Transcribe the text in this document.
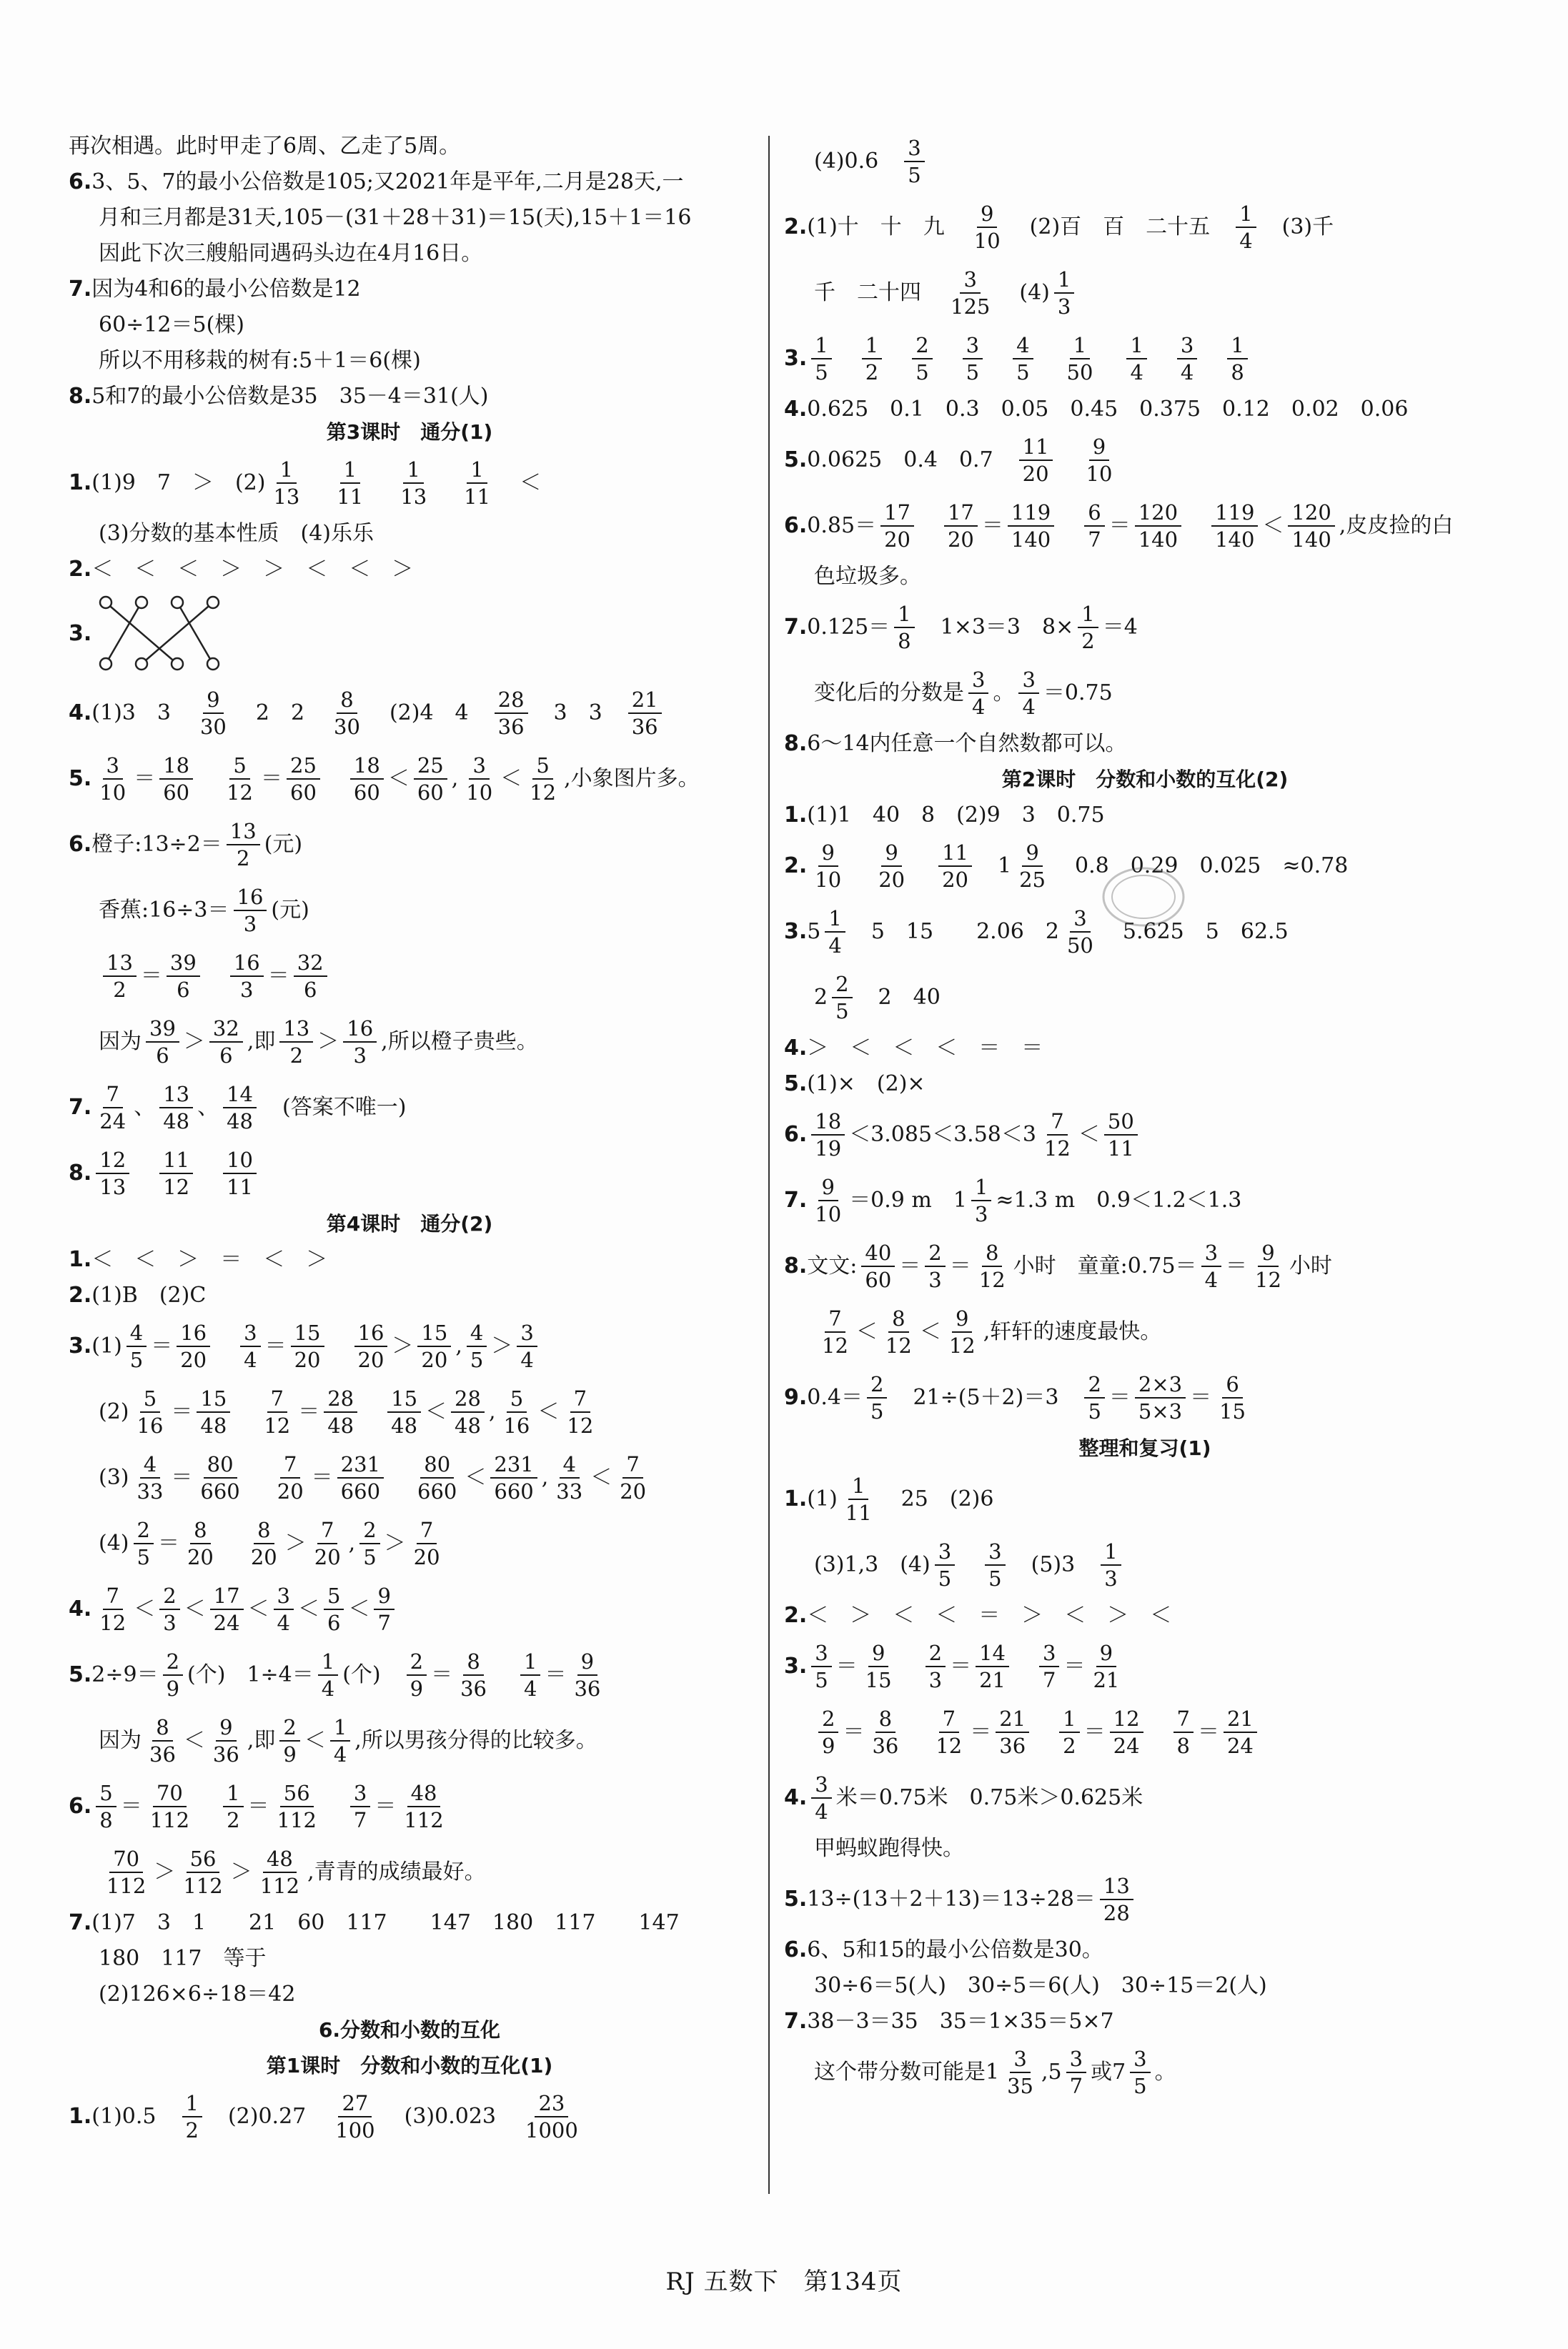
再次相遇。此时甲走了6周、乙走了5周。
6. 3、5、7的最小公倍数是105;又2021年是平年,二月是28天,一
月和三月都是31天,105－(31＋28＋31)＝15(天),15＋1＝16
因此下次三艘船同遇码头边在4月16日。
7. 因为4和6的最小公倍数是12
60÷12＝5(棵)
所以不用移栽的树有:5＋1＝6(棵)
8. 5和7的最小公倍数是35　35－4＝31(人)
第3课时　通分(1)
1. (1)9　7　＞　$(2) \frac{1}{13}$
　 $\frac{1}{11}$
　 $\frac{1}{13}$
　 $\frac{1}{11}$ 　＜
(3)分数的基本性质　(4)乐乐
2. ＜　＜　＜　＞　＞　＜　＜　＞
3.
4. (1)3　3　 $\frac{9}{30}$ 　2　2　 $\frac{8}{30}$ 　(2)4　4　 $\frac{28}{36}$ 　3　3　 $\frac{21}{36}$
5. $\frac{3}{10} = \frac{18}{60}$
　 $\frac{5}{12} = \frac{25}{60}$
　 $\frac{18}{60} < \frac{25}{60}$ , $\frac{3}{10} < \frac{5}{12}$ ,小象图片多。
6. 橙子:13÷2＝ $\frac{13}{2}$ (元)
香蕉:16÷3＝ $\frac{16}{3}$ (元)
$\frac{13}{2} = \frac{39}{6}$
　 $\frac{16}{3} = \frac{32}{6}$
因为 $\frac{39}{6} > \frac{32}{6}$ ,即 $\frac{13}{2} > \frac{16}{3}$ ,所以橙子贵些。
7. $\frac{7}{24}$ 、 $\frac{13}{48}$ 、 $\frac{14}{48}$ 　(答案不唯一)
8. $\frac{12}{13}$
　 $\frac{11}{12}$
　 $\frac{10}{11}$
第4课时　通分(2)
1. ＜　＜　＞　＝　＜　＞
2. (1)B　(2)C
3. $(1) \frac{4}{5} = \frac{16}{20}$
　 $\frac{3}{4} = \frac{15}{20}$
　 $\frac{16}{20} > \frac{15}{20}$ , $\frac{4}{5} > \frac{3}{4}$
$(2) \frac{5}{16} = \frac{15}{48}$
　 $\frac{7}{12} = \frac{28}{48}$
　 $\frac{15}{48} < \frac{28}{48}$ , $\frac{5}{16} < \frac{7}{12}$
$(3) \frac{4}{33} = \frac{80}{660}$
　 $\frac{7}{20} = \frac{231}{660}$
　 $\frac{80}{660} < \frac{231}{660}$ , $\frac{4}{33} < \frac{7}{20}$
$(4) \frac{2}{5} = \frac{8}{20}$
　 $\frac{8}{20} > \frac{7}{20}$ , $\frac{2}{5} > \frac{7}{20}$
4. $\frac{7}{12} < \frac{2}{3} < \frac{17}{24} < \frac{3}{4} < \frac{5}{6} < \frac{9}{7}$
5. $2\div 9= \frac{2}{9}$ (个)　$1\div 4= \frac{1}{4}$ (个)　 $\frac{2}{9} = \frac{8}{36}$
　 $\frac{1}{4} = \frac{9}{36}$
因为 $\frac{8}{36} < \frac{9}{36}$ ,即 $\frac{2}{9} < \frac{1}{4}$ ,所以男孩分得的比较多。
6. $\frac{5}{8} = \frac{70}{112}$
　 $\frac{1}{2} = \frac{56}{112}$
　 $\frac{3}{7} = \frac{48}{112}$
$\frac{70}{112} > \frac{56}{112} > \frac{48}{112}$ ,青青的成绩最好。
7. (1)7　3　1　　21　60　117　　147　180　117　　147
180　117　等于
(2)126×6÷18＝42
6.分数和小数的互化
第1课时　分数和小数的互化(1)
1. (1)0.5　 $\frac{1}{2}$ 　(2)0.27　 $\frac{27}{100}$ 　(3)0.023　 $\frac{23}{1000}$
(4)0.6　 $\frac{3}{5}$
2. (1)十　十　九　 $\frac{9}{10}$ 　(2)百　百　二十五　 $\frac{1}{4}$ 　(3)千
千　二十四　 $\frac{3}{125}$ 　$(4) \frac{1}{3}$
3. $\frac{1}{5}$
　 $\frac{1}{2}$
　 $\frac{2}{5}$
　 $\frac{3}{5}$
　 $\frac{4}{5}$
　 $\frac{1}{50}$
　 $\frac{1}{4}$
　 $\frac{3}{4}$
　 $\frac{1}{8}$
4. 0.625　0.1　0.3　0.05　0.45　0.375　0.12　0.02　0.06
5. 0.0625　0.4　0.7　 $\frac{11}{20}$
　 $\frac{9}{10}$
6. $0.85= \frac{17}{20}$
　 $\frac{17}{20} = \frac{119}{140}$
　 $\frac{6}{7} = \frac{120}{140}$
　 $\frac{119}{140} < \frac{120}{140}$ ,皮皮捡的白
色垃圾多。
7. $0.125= \frac{1}{8}$ 　1×3＝3　$8\times \frac{1}{2} =4$
变化后的分数是 $\frac{3}{4}$ 。 $\frac{3}{4} =0.75$
8. 6～14内任意一个自然数都可以。
第2课时　分数和小数的互化(2)
1. (1)1　40　8　(2)9　3　0.75
2. $\frac{9}{10}$
　 $\frac{9}{20}$
　 $\frac{11}{20}$ 　$1 \frac{9}{25}$ 　0.8　0.29　0.025　≈0.78
3. $5 \frac{1}{4}$ 　5　15　　2.06　$2 \frac{3}{50}$ 　5.625　5　62.5
$2 \frac{2}{5}$ 　2　40
4. ＞　＜　＜　＜　＝　＝
5. (1)×　(2)×
6. $\frac{18}{19} <3.085<3.58<3 \frac{7}{12} < \frac{50}{11}$
7. $\frac{9}{10} =0.9$ m　$1 \frac{1}{3} \approx 1.3$ m　0.9＜1.2＜1.3
8. 文文: $\frac{40}{60} = \frac{2}{3} = \frac{8}{12}$ 小时　童童:0.75＝ $\frac{3}{4} = \frac{9}{12}$ 小时
$\frac{7}{12} < \frac{8}{12} < \frac{9}{12}$ ,轩轩的速度最快。
9. $0.4= \frac{2}{5}$ 　21÷(5＋2)＝3　 $\frac{2}{5} = \frac{2\times 3}{5\times 3} = \frac{6}{15}$
整理和复习(1)
1. $(1) \frac{1}{11}$ 　25　(2)6
(3)1,3　$(4) \frac{3}{5}$
　 $\frac{3}{5}$ 　(5)3　 $\frac{1}{3}$
2. ＜　＞　＜　＜　＝　＞　＜　＞　＜
3. $\frac{3}{5} = \frac{9}{15}$
　 $\frac{2}{3} = \frac{14}{21}$
　 $\frac{3}{7} = \frac{9}{21}$
$\frac{2}{9} = \frac{8}{36}$
　 $\frac{7}{12} = \frac{21}{36}$
　 $\frac{1}{2} = \frac{12}{24}$
　 $\frac{7}{8} = \frac{21}{24}$
4. $\frac{3}{4}$ 米＝0.75米　0.75米＞0.625米
甲蚂蚁跑得快。
5. $13\div(13+2+13)=13\div 28= \frac{13}{28}$
6. 6、5和15的最小公倍数是30。
30÷6＝5(人)　30÷5＝6(人)　30÷15＝2(人)
7. 38－3＝35　35＝1×35＝5×7
这个带分数可能是$1 \frac{3}{35} ,5 \frac{3}{7}$ 或$7 \frac{3}{5}$ 。
RJ 五数下　第134页
